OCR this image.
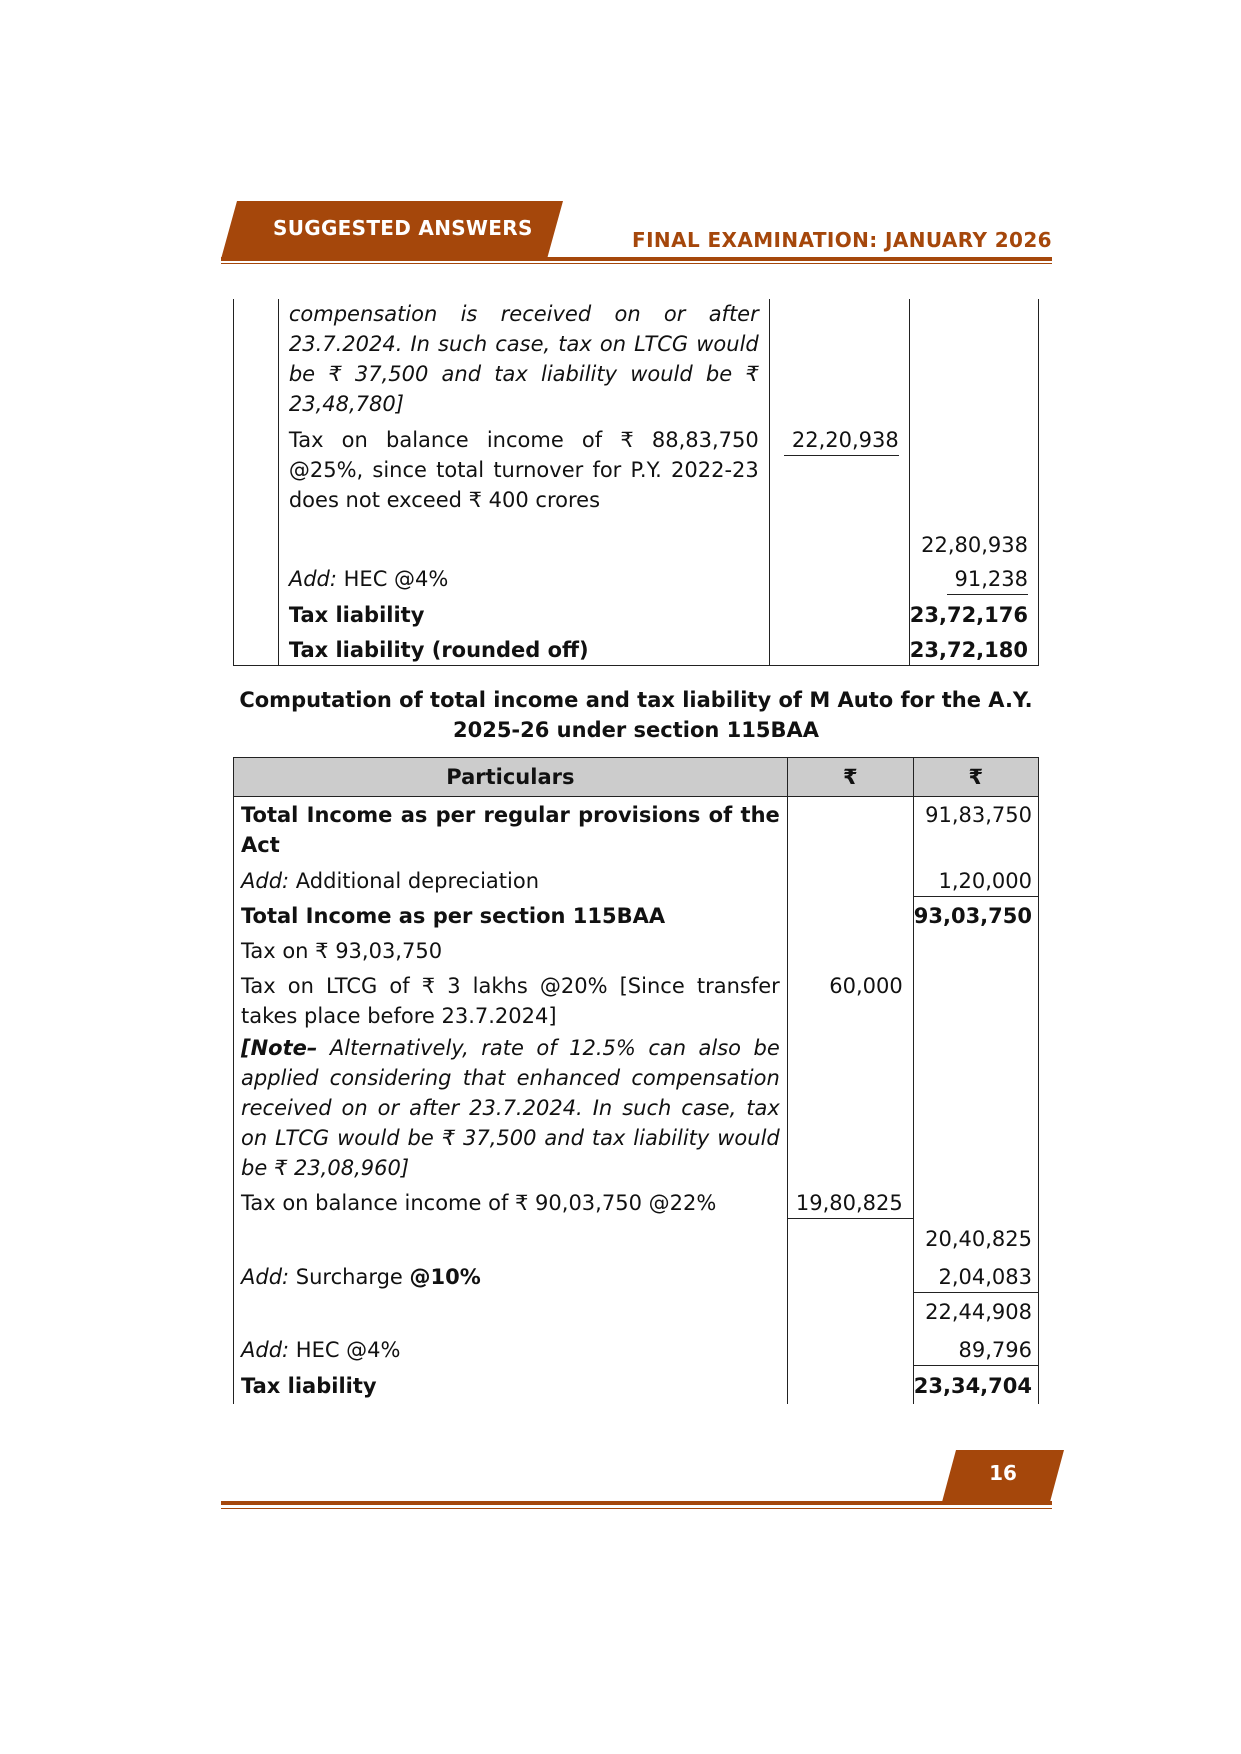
SUGGESTED ANSWERS	FINAL EXAMINATION: JANUARY 2026
	compensation is received on or after 23.7.2024. In such case, tax on LTCG would be ₹ 37,500 and tax liability would be ₹ 23,48,780]		
	Tax on balance income of ₹ 88,83,750 @25%, since total turnover for P.Y. 2022-23 does not exceed ₹ 400 crores	22,20,938	
			22,80,938
	Add: HEC @4%		91,238
	Tax liability		23,72,176
	Tax liability (rounded off)		23,72,180
Computation of total income and tax liability of M Auto for the A.Y.
2025-26 under section 115BAA
Particulars	₹	₹
Total Income as per regular provisions of the Act		91,83,750
Add: Additional depreciation		1,20,000
Total Income as per section 115BAA		93,03,750
Tax on ₹ 93,03,750		
Tax on LTCG of ₹ 3 lakhs @20% [Since transfer takes place before 23.7.2024]	60,000	
[Note– Alternatively, rate of 12.5% can also be applied considering that enhanced compensation received on or after 23.7.2024. In such case, tax on LTCG would be ₹ 37,500 and tax liability would be ₹ 23,08,960]		
Tax on balance income of ₹ 90,03,750 @22%	19,80,825	
		20,40,825
Add: Surcharge @10%		2,04,083
		22,44,908
Add: HEC @4%		89,796
Tax liability		23,34,704
16
